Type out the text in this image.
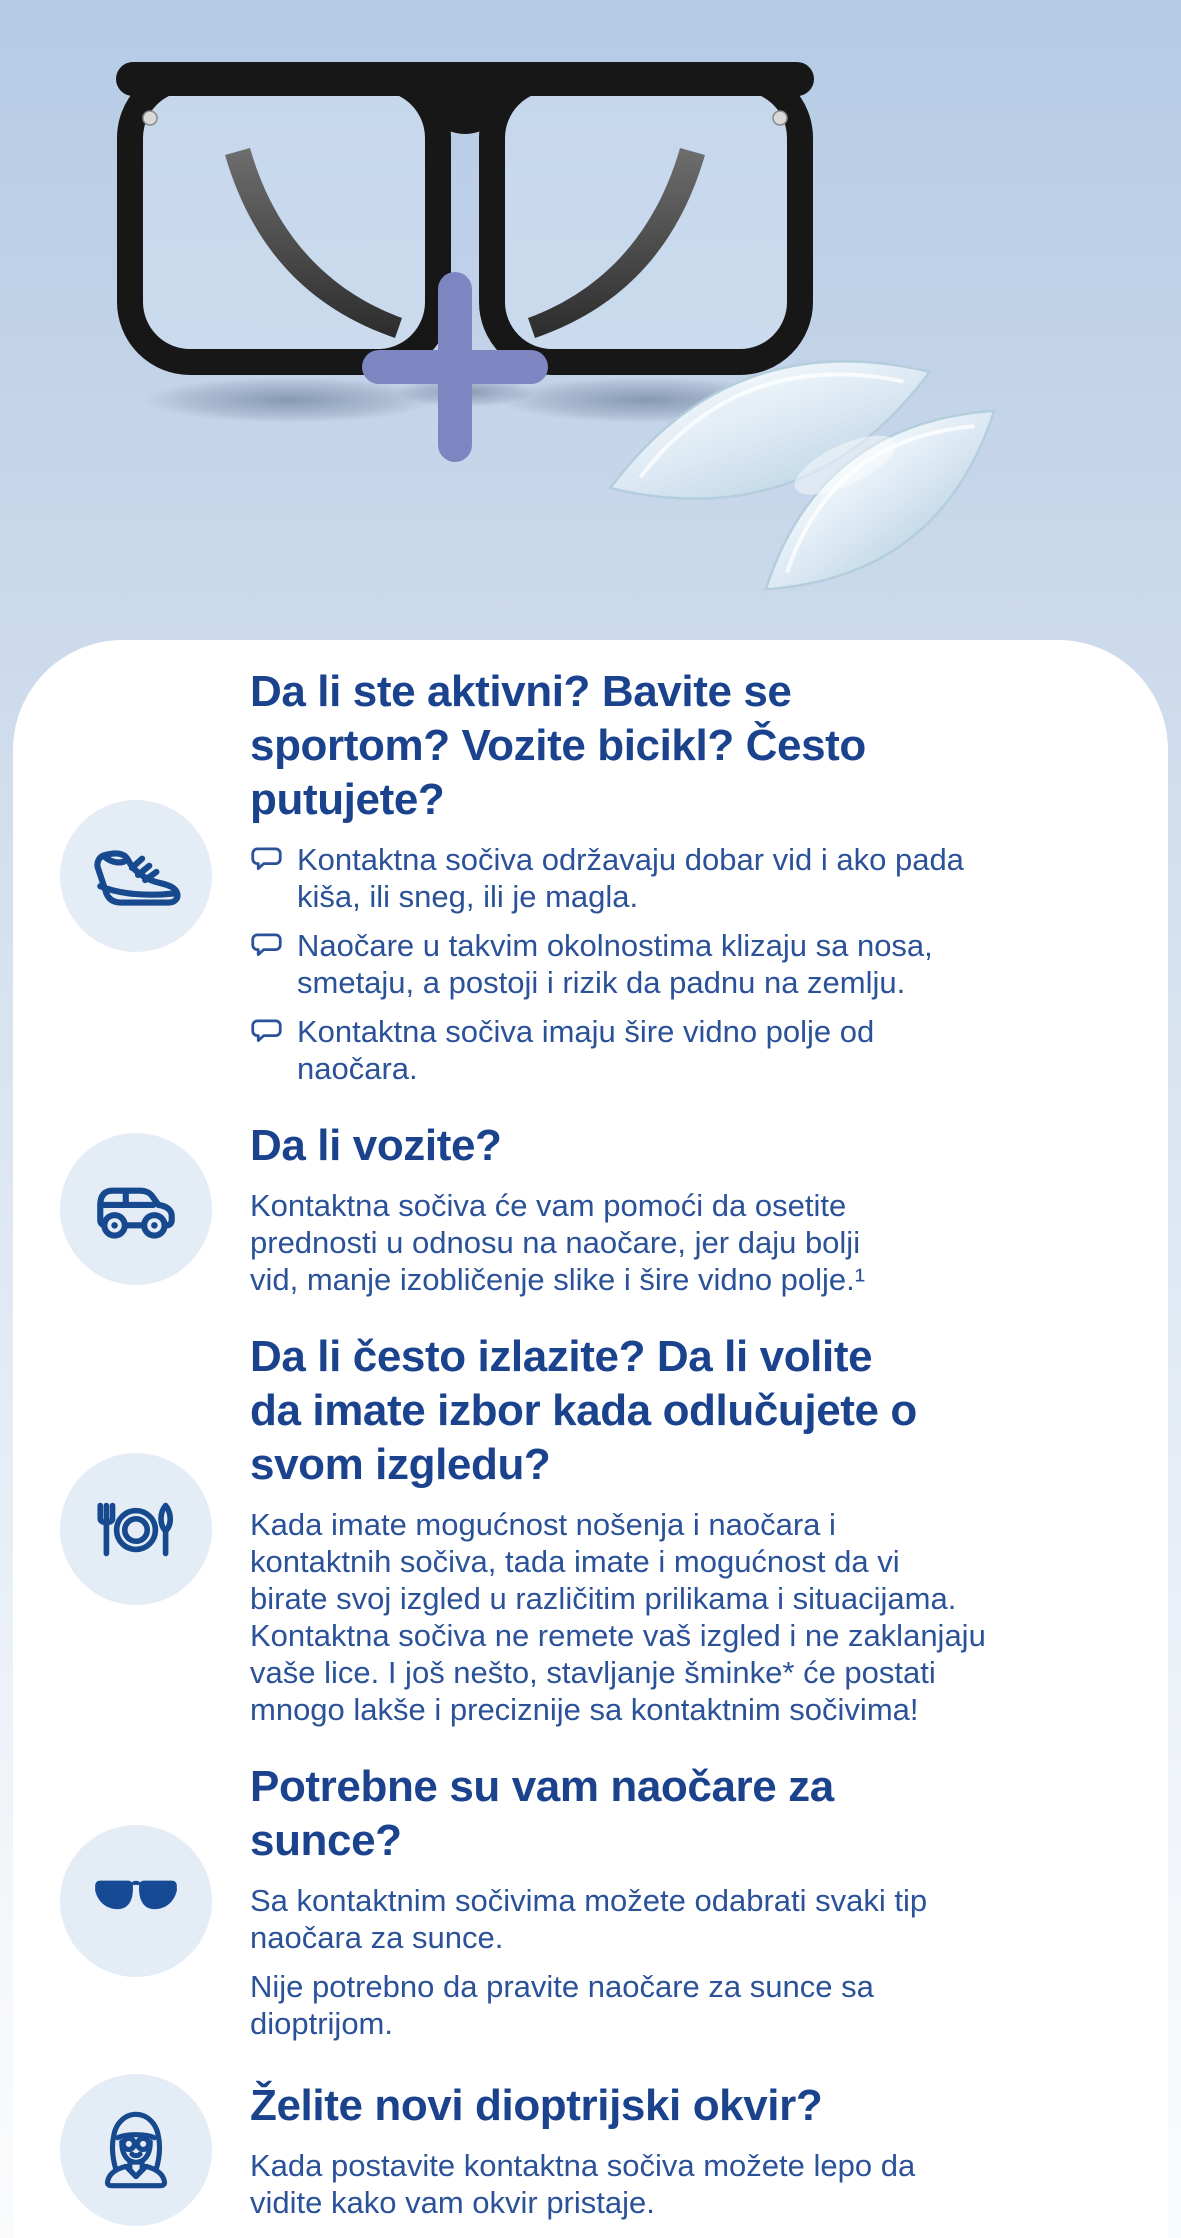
Da li ste aktivni? Bavite se
sportom? Vozite bicikl? Često
putujete?
Kontaktna sočiva održavaju dobar vid i ako pada
kiša, ili sneg, ili je magla.
Naočare u takvim okolnostima klizaju sa nosa,
smetaju, a postoji i rizik da padnu na zemlju.
Kontaktna sočiva imaju šire vidno polje od
naočara.
Da li vozite?

Kontaktna sočiva će vam pomoći da osetite
prednosti u odnosu na naočare, jer daju bolji
vid, manje izobličenje slike i šire vidno polje.¹

Da li često izlazite? Da li volite
da imate izbor kada odlučujete o
svom izgledu?

Kada imate mogućnost nošenja i naočara i
kontaktnih sočiva, tada imate i mogućnost da vi
birate svoj izgled u različitim prilikama i situacijama.
Kontaktna sočiva ne remete vaš izgled i ne zaklanjaju
vaše lice. I još nešto, stavljanje šminke* će postati
mnogo lakše i preciznije sa kontaktnim sočivima!

Potrebne su vam naočare za
sunce?

Sa kontaktnim sočivima možete odabrati svaki tip
naočara za sunce.

Nije potrebno da pravite naočare za sunce sa
dioptrijom.

Želite novi dioptrijski okvir?

Kada postavite kontaktna sočiva možete lepo da
vidite kako vam okvir pristaje.
